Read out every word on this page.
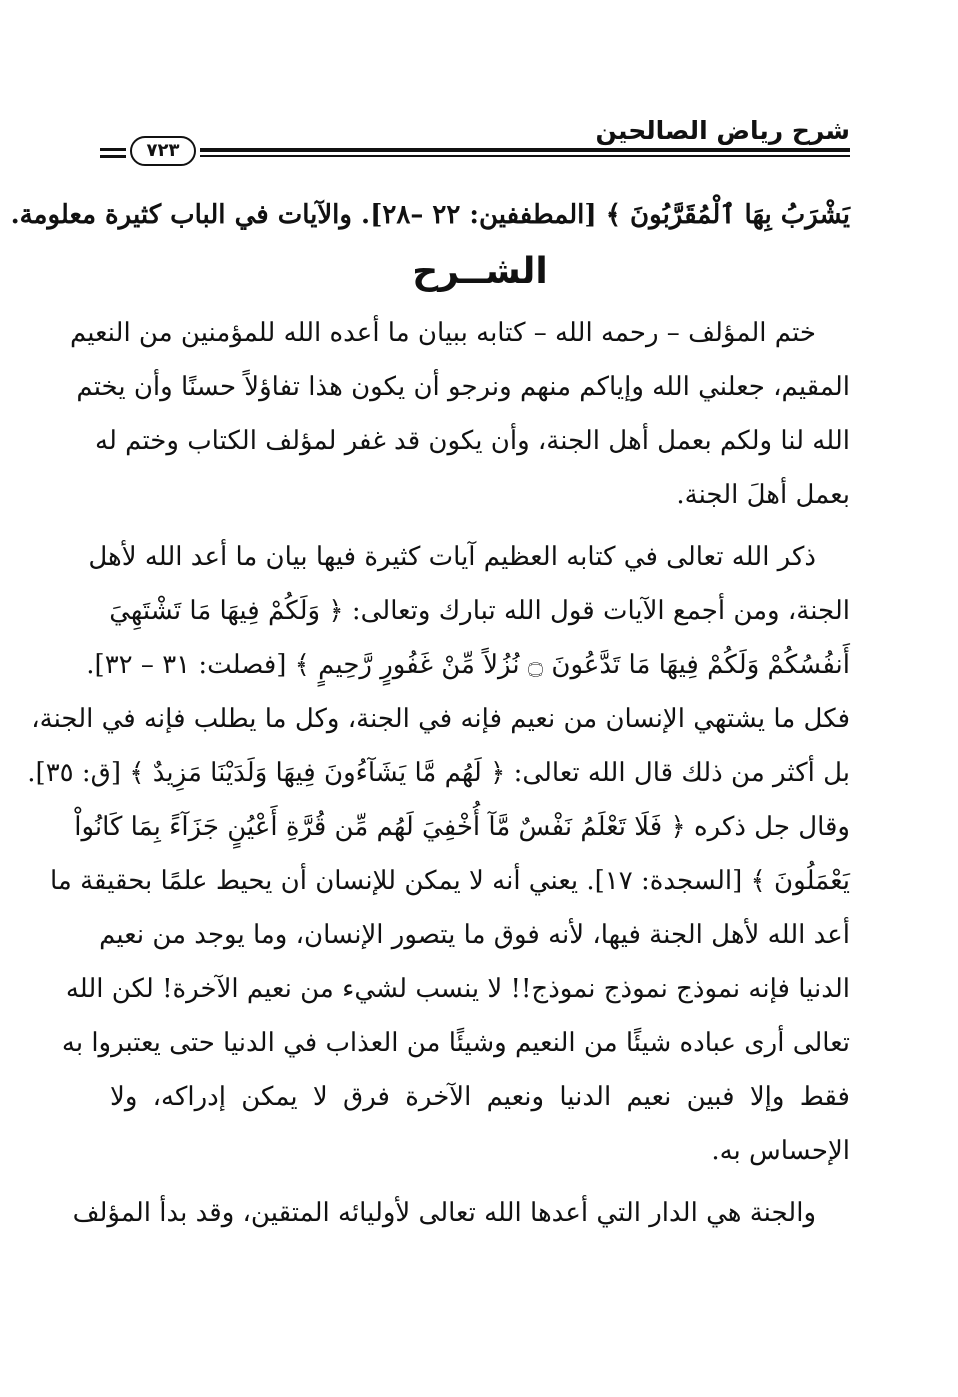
شرح رياض الصالحين
٧٢٣
يَشْرَبُ بِهَا ٱلْمُقَرَّبُونَ ﴾ [المطففين: ٢٢ –٢٨]. والآيات في الباب كثيرة معلومة.
الشــرح
ختم المؤلف – رحمه الله – كتابه ببيان ما أعده الله للمؤمنين من النعيم
المقيم، جعلني الله وإياكم منهم ونرجو أن يكون هذا تفاؤلاً حسنًا وأن يختم
الله لنا ولكم بعمل أهل الجنة، وأن يكون قد غفر لمؤلف الكتاب وختم له
بعمل أهلَ الجنة.
ذكر الله تعالى في كتابه العظيم آيات كثيرة فيها بيان ما أعد الله لأهل
الجنة، ومن أجمع الآيات قول الله تبارك وتعالى: ﴿ وَلَكُمْ فِيهَا مَا تَشْتَهِيَ
أَنفُسُكُمْ وَلَكُمْ فِيهَا مَا تَدَّعُونَ ۝ نُزُلاً مِّنْ غَفُورٍ رَّحِيمٍ ﴾ [فصلت: ٣١ – ٣٢].
فكل ما يشتهي الإنسان من نعيم فإنه في الجنة، وكل ما يطلب فإنه في الجنة،
بل أكثر من ذلك قال الله تعالى: ﴿ لَهُم مَّا يَشَآءُونَ فِيهَا وَلَدَيْنَا مَزِيدٌ ﴾ [ق: ٣٥].
وقال جل ذكره ﴿ فَلَا تَعْلَمُ نَفْسٌ مَّآ أُخْفِيَ لَهُم مِّن قُرَّةِ أَعْيُنٍ جَزَآءً بِمَا كَانُواْ
يَعْمَلُونَ ﴾ [السجدة: ١٧]. يعني أنه لا يمكن للإنسان أن يحيط علمًا بحقيقة ما
أعد الله لأهل الجنة فيها، لأنه فوق ما يتصور الإنسان، وما يوجد من نعيم
الدنيا فإنه نموذج نموذج نموذج!! لا ينسب لشيء من نعيم الآخرة! لكن الله
تعالى أرى عباده شيئًا من النعيم وشيئًا من العذاب في الدنيا حتى يعتبروا به
فقط وإلا فبين نعيم الدنيا ونعيم الآخرة فرق لا يمكن إدراكه، ولا
الإحساس به.
والجنة هي الدار التي أعدها الله تعالى لأوليائه المتقين، وقد بدأ المؤلف
